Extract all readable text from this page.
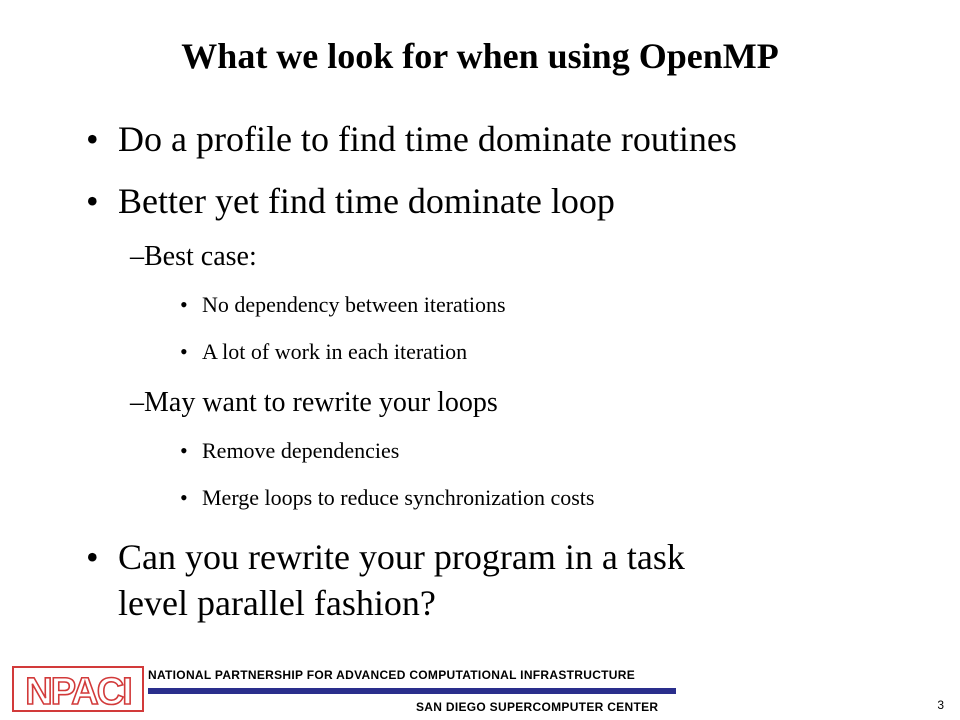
What we look for when using OpenMP
• Do a profile to find time dominate routines
• Better yet find time dominate loop
–Best case:
• No dependency between iterations
• A lot of work in each iteration
–May want to rewrite your loops
• Remove dependencies
• Merge loops to reduce synchronization costs
• Can you rewrite your program in a task
level parallel fashion?
NPACI NATIONAL PARTNERSHIP FOR ADVANCED COMPUTATIONAL INFRASTRUCTURE
SAN DIEGO SUPERCOMPUTER CENTER	3
